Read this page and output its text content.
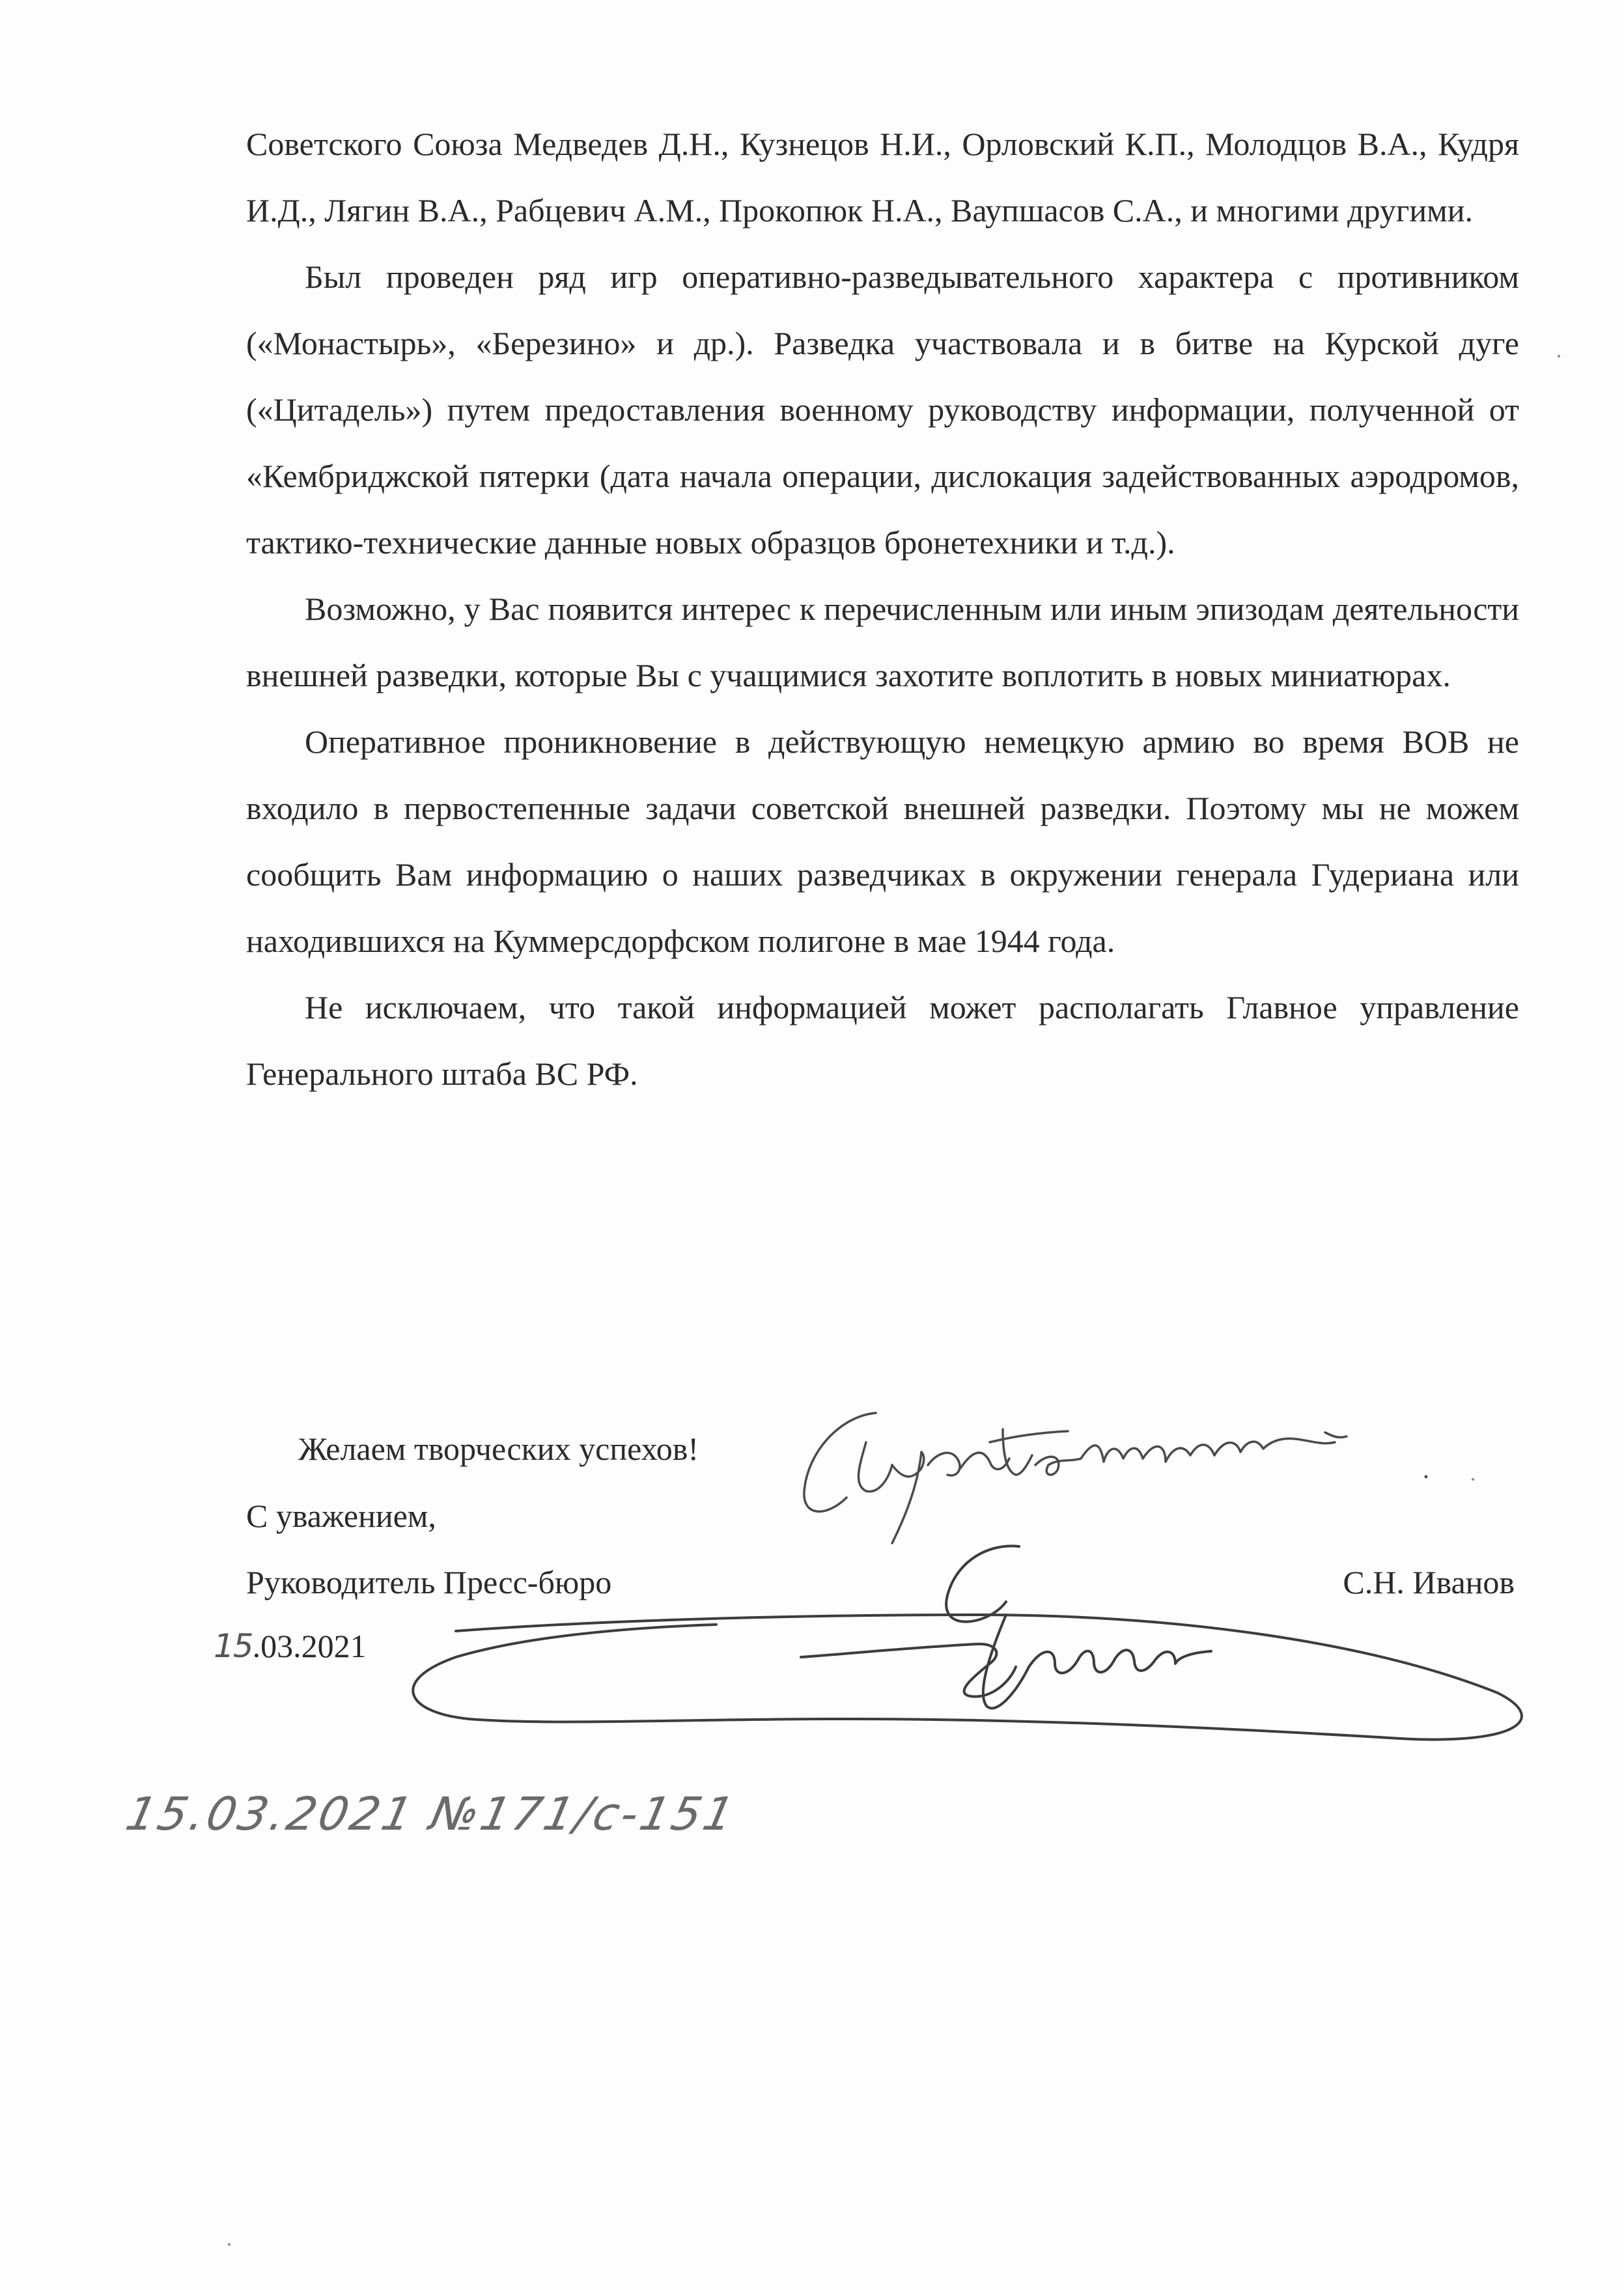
Советского Союза Медведев Д.Н., Кузнецов Н.И., Орловский К.П., Молодцов В.А., Кудря И.Д., Лягин В.А., Рабцевич А.М., Прокопюк Н.А., Ваупшасов С.А., и многими другими.

Был проведен ряд игр оперативно-разведывательного характера с противником («Монастырь», «Березино» и др.). Разведка участвовала и в битве на Курской дуге («Цитадель») путем предоставления военному руководству информации, полученной от «Кембриджской пятерки (дата начала операции, дислокация задействованных аэродромов, тактико-технические данные новых образцов бронетехники и т.д.).

Возможно, у Вас появится интерес к перечисленным или иным эпизодам деятельности внешней разведки, которые Вы с учащимися захотите воплотить в новых миниатюрах.

Оперативное проникновение в действующую немецкую армию во время ВОВ не входило в первостепенные задачи советской внешней разведки. Поэтому мы не можем сообщить Вам информацию о наших разведчиках в окружении генерала Гудериана или находившихся на Куммерсдорфском полигоне в мае 1944 года.

Не исключаем, что такой информацией может располагать Главное управление Генерального штаба ВС РФ.

Желаем творческих успехов!
С уважением,
Руководитель Пресс-бюро	С.Н. Иванов
15.03.2021
15.03.2021 №171/с-151
